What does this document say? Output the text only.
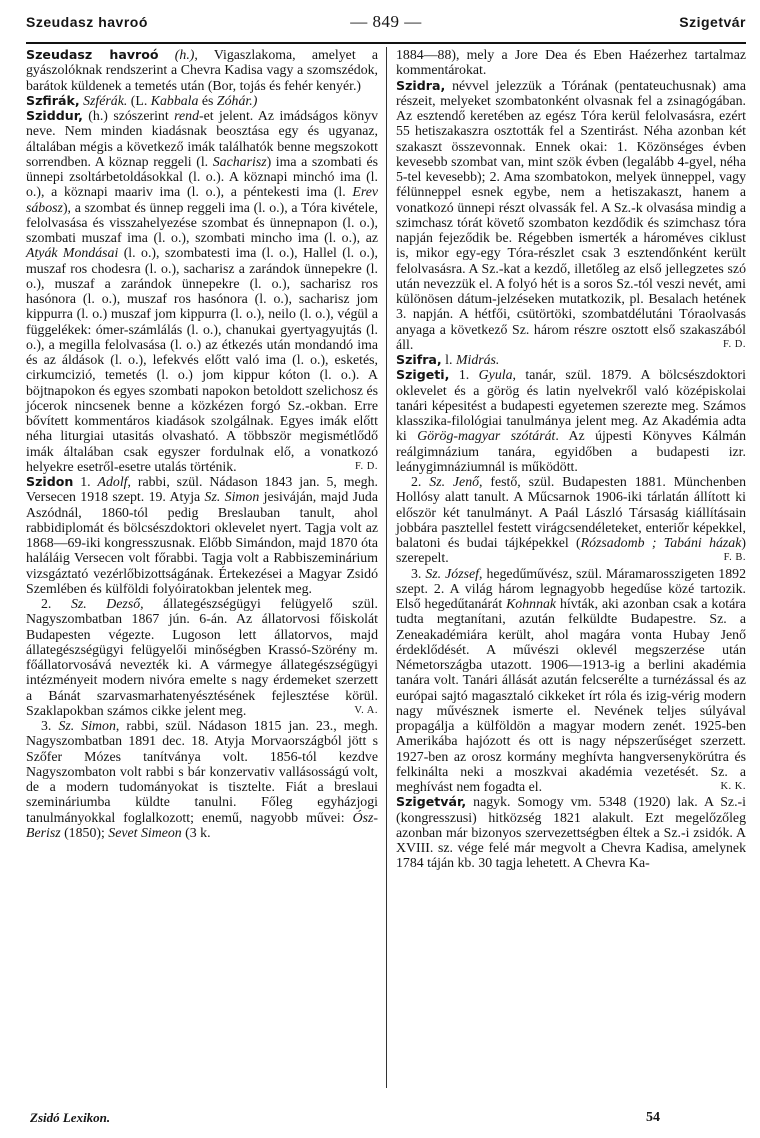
Szeudasz havroó	— 849 —	Szigetvár

Szeudasz havroó (h.), Vigaszlakoma, amelyet a gyászolóknak rendszerint a Chevra Kadisa vagy a szomszédok, barátok küldenek a temetés után (Bor, tojás és fehér kenyér.)

Szfirák, Szférák. (L. Kabbala és Zóhár.)

Sziddur, (h.) szószerint rend-et jelent. Az imádságos könyv neve. Nem minden kiadásnak beosztása egy és ugyanaz, általában mégis a következő imák találhatók benne megszokott sorrendben. A köznap reggeli (l. Sacharisz) ima a szombati és ünnepi zsoltárbetoldásokkal (l. o.). A köznapi minchó ima (l. o.), a köznapi maariv ima (l. o.), a péntekesti ima (l. Erev sábosz), a szombat és ünnep reggeli ima (l. o.), a Tóra kivétele, felolvasása és visszahelyezése szombat és ünnepnapon (l. o.), szombati muszaf ima (l. o.), szombati mincho ima (l. o.), az Atyák Mondásai (l. o.), szombatesti ima (l. o.), Hallel (l. o.), muszaf ros chodesra (l. o.), sacharisz a zarándok ünnepekre (l. o.), muszaf a zarándok ünnepekre (l. o.), sacharisz ros hasónora (l. o.), muszaf ros hasónora (l. o.), sacharisz jom kippurra (l. o.) muszaf jom kippurra (l. o.), neilo (l. o.), végül a függelékek: ómer-számlálás (l. o.), chanukai gyertyagyujtás (l. o.), a megilla felolvasása (l. o.) az étkezés után mondandó ima és az áldások (l. o.), lefekvés előtt való ima (l. o.), esketés, cirkumcizió, temetés (l. o.) jom kippur kóton (l. o.). A böjtnapokon és egyes szombati napokon betoldott szelichosz és jócerok nincsenek benne a közkézen forgó Sz.-okban. Erre bővített kommentáros kiadások szolgálnak. Egyes imák előtt néha liturgiai utasitás olvasható. A többször megismétlődő imák általában csak egyszer fordulnak elő, a vonatkozó helyekre esetről-esetre utalás történik.	F. D.

Szidon 1. Adolf, rabbi, szül. Nádason 1843 jan. 5, megh. Versecen 1918 szept. 19. Atyja Sz. Simon jesiváján, majd Juda Aszódnál, 1860-tól pedig Breslauban tanult, ahol rabbidiplomát és bölcsészdoktori oklevelet nyert. Tagja volt az 1868—69-iki kongresszusnak. Előbb Simándon, majd 1870 óta haláláig Versecen volt főrabbi. Tagja volt a Rabbiszeminárium vizsgáztató vezérlőbizottságának. Értekezései a Magyar Zsidó Szemlében és külföldi folyóiratokban jelentek meg.

2. Sz. Dezső, állategészségügyi felügyelő szül. Nagyszombatban 1867 jún. 6-án. Az állatorvosi főiskolát Budapesten végezte. Lugoson lett állatorvos, majd állategészségügyi felügyelői minőségben Krassó-Szörény m. főállatorvosává nevezték ki. A vármegye állategészségügyi intézményeit modern nivóra emelte s nagy érdemeket szerzett a Bánát szarvasmarhatenyésztésének fejlesztése körül. Szaklapokban számos cikke jelent meg.	V. A.

3. Sz. Simon, rabbi, szül. Nádason 1815 jan. 23., megh. Nagyszombatban 1891 dec. 18. Atyja Morvaországból jött s Szőfer Mózes tanítványa volt. 1856-tól kezdve Nagyszombaton volt rabbi s bár konzervativ vallásosságú volt, de a modern tudományokat is tisztelte. Fiát a breslaui szemináriumba küldte tanulni. Főleg egyházjogi tanulmányokkal foglalkozott; enemű, nagyobb művei: Ósz-Berisz (1850); Sevet Simeon (3 k.

1884—88), mely a Jore Dea és Eben Haézerhez tartalmaz kommentárokat.

Szidra, névvel jelezzük a Tórának (pentateuchusnak) ama részeit, melyeket szombatonként olvasnak fel a zsinagógában. Az esztendő keretében az egész Tóra kerül felolvasásra, ezért 55 hetiszakaszra osztották fel a Szentirást. Néha azonban két szakaszt összevonnak. Ennek okai: 1. Közönséges évben kevesebb szombat van, mint szök évben (legalább 4-gyel, néha 5-tel kevesebb); 2. Ama szombatokon, melyek ünneppel, vagy félünneppel esnek egybe, nem a hetiszakaszt, hanem a vonatkozó ünnepi részt olvassák fel. A Sz.-k olvasása mindig a szimchasz tórát követő szombaton kezdődik és szimchasz tóra napján fejeződik be. Régebben ismerték a hároméves ciklust is, mikor egy-egy Tóra-részlet csak 3 esztendőnként került felolvasásra. A Sz.-kat a kezdő, illetőleg az első jellegzetes szó után nevezzük el. A folyó hét is a soros Sz.-tól veszi nevét, ami különösen dátum-jelzéseken mutatkozik, pl. Besalach hetének 3. napján. A hétfői, csütörtöki, szombatdélutáni Tóraolvasás anyaga a következő Sz. három részre osztott első szakaszából áll.	F. D.

Szifra, l. Midrás.

Szigeti, 1. Gyula, tanár, szül. 1879. A bölcsészdoktori oklevelet és a görög és latin nyelvekről való középiskolai tanári képesitést a budapesti egyetemen szerezte meg. Számos klasszika-filológiai tanulmánya jelent meg. Az Akadémia adta ki Görög-magyar szótárát. Az újpesti Könyves Kálmán reálgimnázium tanára, egyidőben a budapesti izr. leánygimnáziumnál is működött.

2. Sz. Jenő, festő, szül. Budapesten 1881. Münchenben Hollósy alatt tanult. A Műcsarnok 1906-iki tárlatán állított ki először két tanulmányt. A Paál László Társaság kiállításain jobbára pasztellel festett virágcsendéleteket, enteriőr képekkel, balatoni és budai tájképekkel (Rózsadomb ; Tabáni házak) szerepelt.	F. B.

3. Sz. József, hegedűművész, szül. Máramarosszigeten 1892 szept. 2. A világ három legnagyobb hegedűse közé tartozik. Első hegedűtanárát Kohnnak hívták, aki azonban csak a kotára tudta megtanítani, azután felküldte Budapestre. Sz. a Zeneakadémiára került, ahol magára vonta Hubay Jenő érdeklődését. A művészi oklevél megszerzése után Németországba utazott. 1906—1913-ig a berlini akadémia tanára volt. Tanári állását azután felcserélte a turnézással és az európai sajtó magasztaló cikkeket írt róla és izig-vérig modern nagy művésznek ismerte el. Nevének teljes súlyával propagálja a külföldön a magyar modern zenét. 1925-ben Amerikába hajózott és ott is nagy népszerűséget szerzett. 1927-ben az orosz kormány meghívta hangversenykörútra és felkinálta neki a moszkvai akadémia vezetését. Sz. a meghívást nem fogadta el.	K. K.

Szigetvár, nagyk. Somogy vm. 5348 (1920) lak. A Sz.-i (kongresszusi) hitközség 1821 alakult. Ezt megelőzőleg azonban már bizonyos szervezettségben éltek a Sz.-i zsidók. A XVIII. sz. vége felé már megvolt a Chevra Kadisa, amelynek 1784 táján kb. 30 tagja lehetett. A Chevra Ka-

Zsidó Lexikon.	54
